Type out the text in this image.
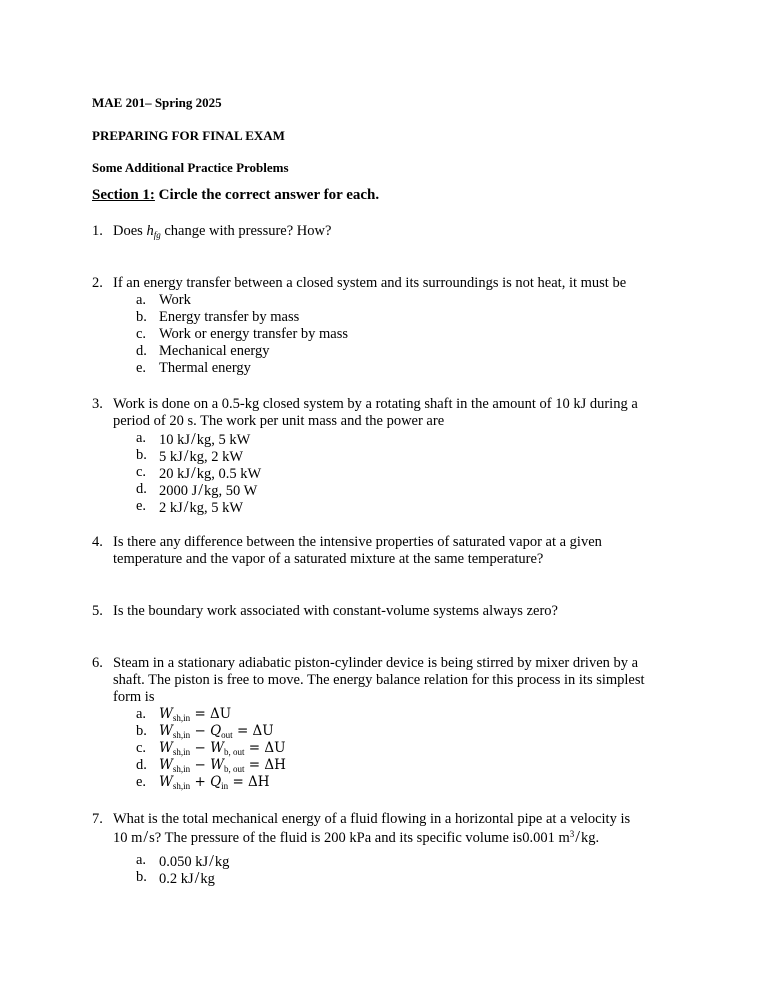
MAE 201– Spring 2025
PREPARING FOR FINAL EXAM
Some Additional Practice Problems
Section 1: Circle the correct answer for each.
1. Does $h_{fg}$ change with pressure? How?
2. If an energy transfer between a closed system and its surroundings is not heat, it must be
a. Work
b. Energy transfer by mass
c. Work or energy transfer by mass
d. Mechanical energy
e. Thermal energy
3. Work is done on a 0.5-kg closed system by a rotating shaft in the amount of 10 kJ during a
period of 20 s. The work per unit mass and the power are
a. 10 kJ/kg, 5 kW
b. 5 kJ/kg, 2 kW
c. 20 kJ/kg, 0.5 kW
d. 2000 J/kg, 50 W
e. 2 kJ/kg, 5 kW
4. Is there any difference between the intensive properties of saturated vapor at a given
temperature and the vapor of a saturated mixture at the same temperature?
5. Is the boundary work associated with constant-volume systems always zero?
6. Steam in a stationary adiabatic piston-cylinder device is being stirred by mixer driven by a
shaft. The piston is free to move. The energy balance relation for this process in its simplest
form is
a. $W_{sh,in} = \Delta U$
b. $W_{sh,in} - Q_{out} = \Delta U$
c. $W_{sh,in} - W_{b, out} = \Delta U$
d. $W_{sh,in} - W_{b, out} = \Delta H$
e. $W_{sh,in} + Q_{in} = \Delta H$
7. What is the total mechanical energy of a fluid flowing in a horizontal pipe at a velocity is
10 m/s? The pressure of the fluid is 200 kPa and its specific volume is0.001 $m^3/kg$.
a. 0.050 kJ/kg
b. 0.2 kJ/kg
